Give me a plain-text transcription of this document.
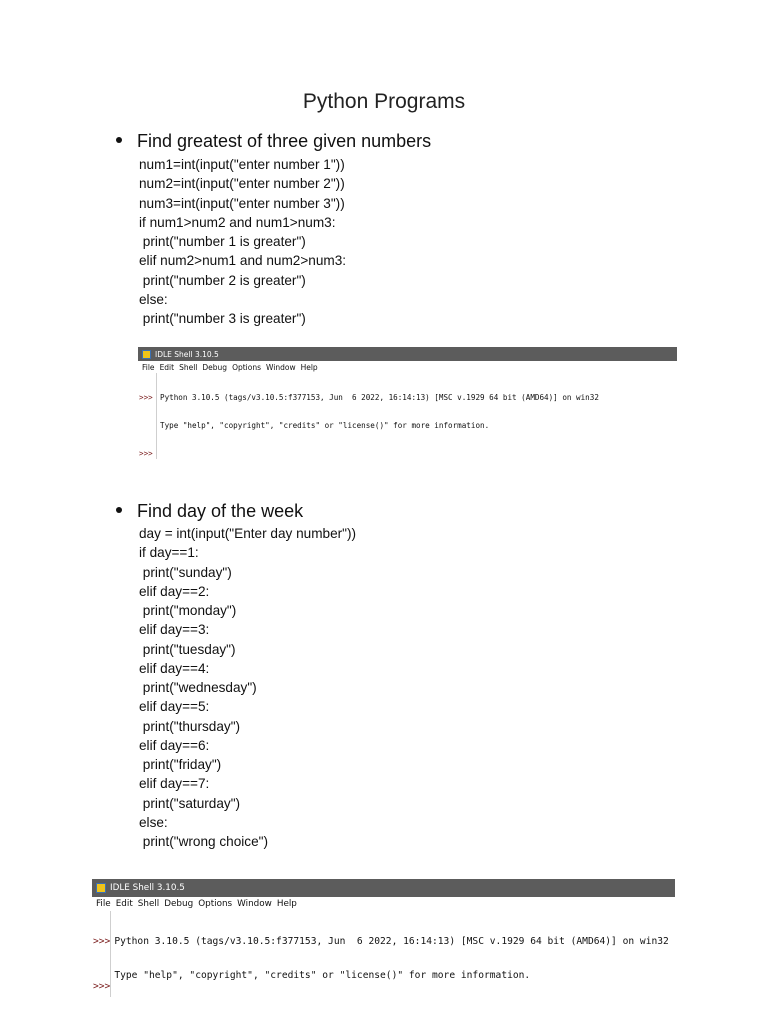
Python Programs
Find greatest of three given numbers
num1=int(input("enter number 1"))
num2=int(input("enter number 2"))
num3=int(input("enter number 3"))
if num1>num2 and num1>num3:
print("number 1 is greater")
elif num2>num1 and num2>num3:
print("number 2 is greater")
else:
print("number 3 is greater")
IDLE Shell 3.10.5
File Edit Shell Debug Options Window Help

>>>

>>>

Python 3.10.5 (tags/v3.10.5:f377153, Jun  6 2022, 16:14:13) [MSC v.1929 64 bit (AMD64)] on win32

Type "help", "copyright", "credits" or "license()" for more information.

Find day of the week
day = int(input("Enter day number"))
if day==1:
print("sunday")
elif day==2:
print("monday")
elif day==3:
print("tuesday")
elif day==4:
print("wednesday")
elif day==5:
print("thursday")
elif day==6:
print("friday")
elif day==7:
print("saturday")
else:
print("wrong choice")
IDLE Shell 3.10.5
File Edit Shell Debug Options Window Help

>>>

>>>

Python 3.10.5 (tags/v3.10.5:f377153, Jun  6 2022, 16:14:13) [MSC v.1929 64 bit (AMD64)] on win32

Type "help", "copyright", "credits" or "license()" for more information.
